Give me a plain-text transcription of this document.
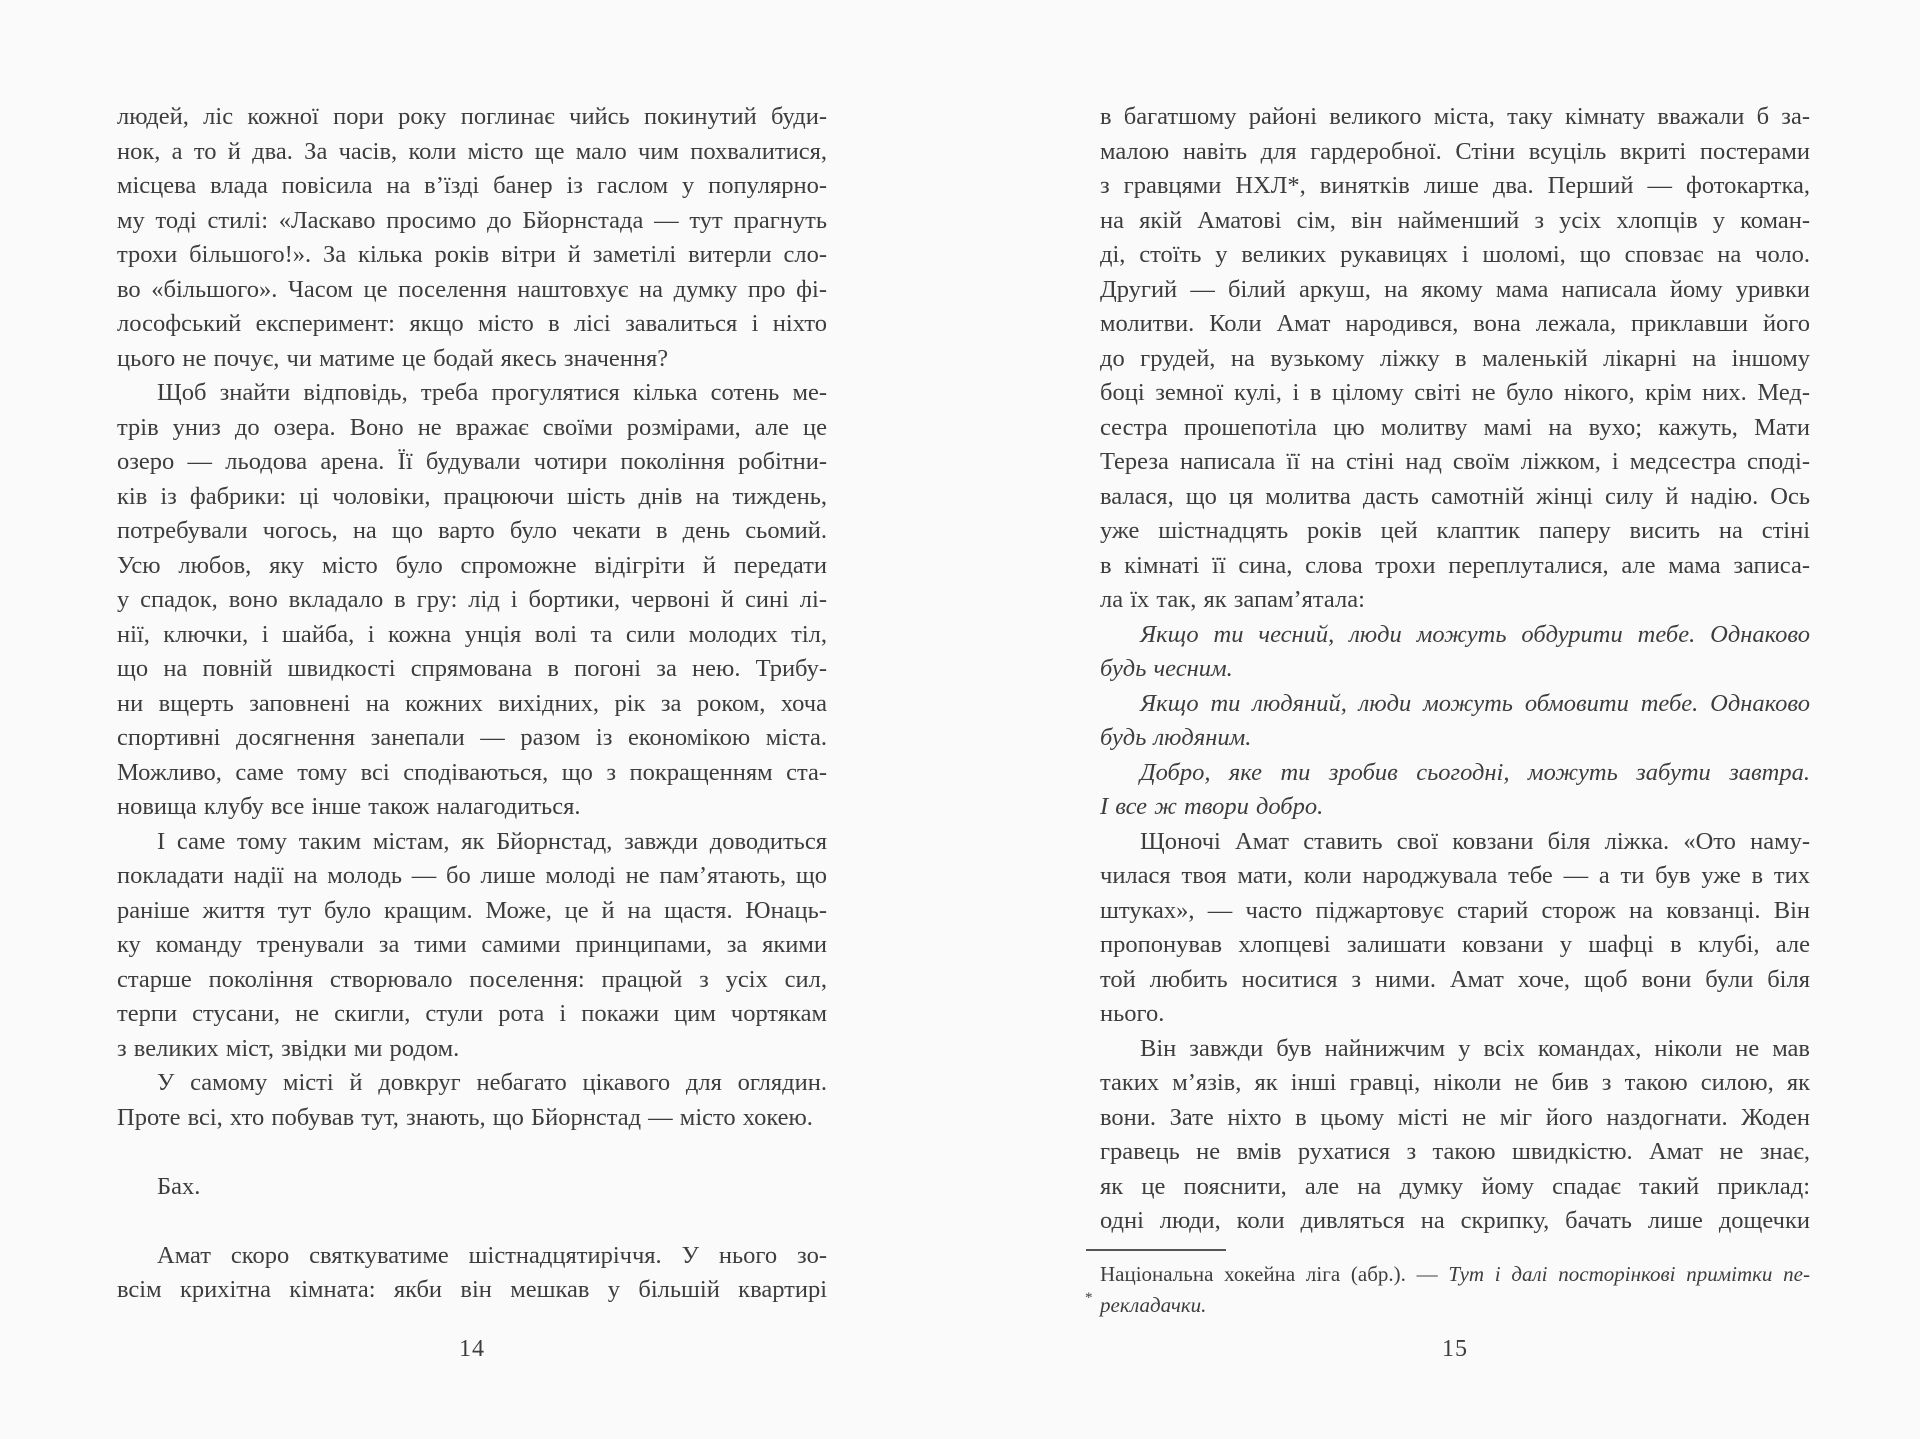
людей, ліс кожної пори року поглинає чийсь покинутий буди-
нок, а то й два. За часів, коли місто ще мало чим похвалитися,
місцева влада повісила на в’їзді банер із гаслом у популярно-
му тоді стилі: «Ласкаво просимо до Бйорнстада — тут прагнуть
трохи більшого!». За кілька років вітри й заметілі витерли сло-
во «більшого». Часом це поселення наштовхує на думку про фі-
лософський експеримент: якщо місто в лісі завалиться і ніхто
цього не почує, чи матиме це бодай якесь значення?
Щоб знайти відповідь, треба прогулятися кілька сотень ме-
трів униз до озера. Воно не вражає своїми розмірами, але це
озеро — льодова арена. Її будували чотири покоління робітни-
ків із фабрики: ці чоловіки, працюючи шість днів на тиждень,
потребували чогось, на що варто було чекати в день сьомий.
Усю любов, яку місто було спроможне відігріти й передати
у спадок, воно вкладало в гру: лід і бортики, червоні й сині лі-
нії, ключки, і шайба, і кожна унція волі та сили молодих тіл,
що на повній швидкості спрямована в погоні за нею. Трибу-
ни вщерть заповнені на кожних вихідних, рік за роком, хоча
спортивні досягнення занепали — разом із економікою міста.
Можливо, саме тому всі сподіваються, що з покращенням ста-
новища клубу все інше також налагодиться.
І саме тому таким містам, як Бйорнстад, завжди доводиться
покладати надії на молодь — бо лише молоді не пам’ятають, що
раніше життя тут було кращим. Може, це й на щастя. Юнаць-
ку команду тренували за тими самими принципами, за якими
старше покоління створювало поселення: працюй з усіх сил,
терпи стусани, не скигли, стули рота і покажи цим чортякам
з великих міст, звідки ми родом.
У самому місті й довкруг небагато цікавого для оглядин.
Проте всі, хто побував тут, знають, що Бйорнстад — місто хокею.
Бах.
Амат скоро святкуватиме шістнадцятиріччя. У нього зо-
всім крихітна кімната: якби він мешкав у більшій квартирі
14
в багатшому районі великого міста, таку кімнату вважали б за-
малою навіть для гардеробної. Стіни всуціль вкриті постерами
з гравцями НХЛ*, винятків лише два. Перший — фотокартка,
на якій Аматові сім, він найменший з усіх хлопців у коман-
ді, стоїть у великих рукавицях і шоломі, що сповзає на чоло.
Другий — білий аркуш, на якому мама написала йому уривки
молитви. Коли Амат народився, вона лежала, приклавши його
до грудей, на вузькому ліжку в маленькій лікарні на іншому
боці земної кулі, і в цілому світі не було нікого, крім них. Мед-
сестра прошепотіла цю молитву мамі на вухо; кажуть, Мати
Тереза написала її на стіні над своїм ліжком, і медсестра споді-
валася, що ця молитва дасть самотній жінці силу й надію. Ось
уже шістнадцять років цей клаптик паперу висить на стіні
в кімнаті її сина, слова трохи переплуталися, але мама записа-
ла їх так, як запам’ятала:
Якщо ти чесний, люди можуть обдурити тебе. Однаково
будь чесним.
Якщо ти людяний, люди можуть обмовити тебе. Однаково
будь людяним.
Добро, яке ти зробив сьогодні, можуть забути завтра.
І все ж твори добро.
Щоночі Амат ставить свої ковзани біля ліжка. «Ото наму-
чилася твоя мати, коли народжувала тебе — а ти був уже в тих
штуках», — часто піджартовує старий сторож на ковзанці. Він
пропонував хлопцеві залишати ковзани у шафці в клубі, але
той любить носитися з ними. Амат хоче, щоб вони були біля
нього.
Він завжди був найнижчим у всіх командах, ніколи не мав
таких м’язів, як інші гравці, ніколи не бив з такою силою, як
вони. Зате ніхто в цьому місті не міг його наздогнати. Жоден
гравець не вмів рухатися з такою швидкістю. Амат не знає,
як це пояснити, але на думку йому спадає такий приклад:
одні люди, коли дивляться на скрипку, бачать лише дощечки
*
Національна хокейна ліга (абр.). — Тут і далі посторінкові примітки пе-
рекладачки.
15
